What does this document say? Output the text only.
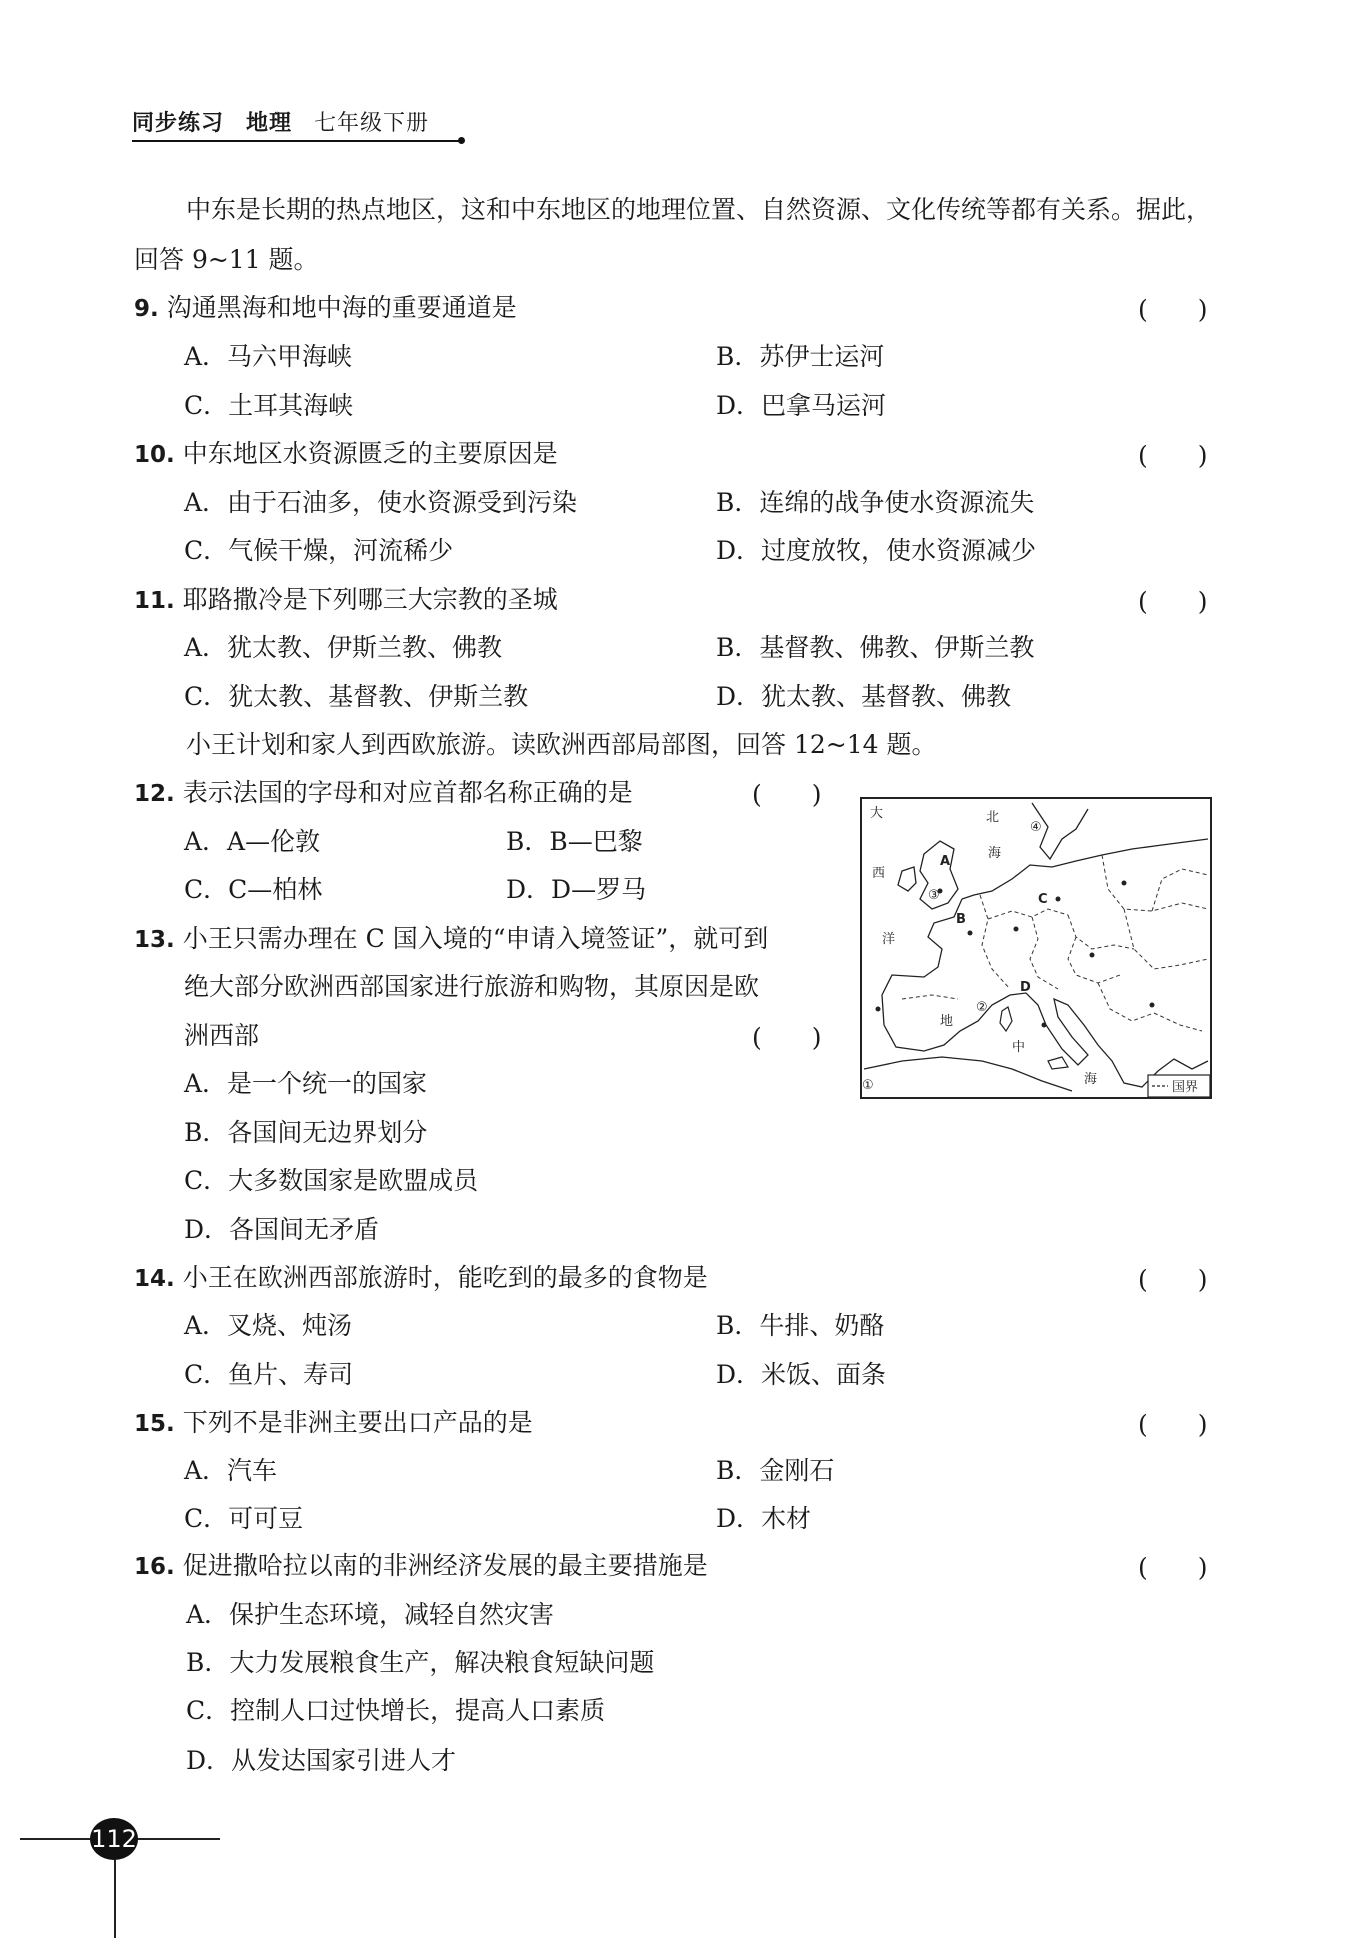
同步练习 地理 七年级下册
中东是长期的热点地区，这和中东地区的地理位置、自然资源、文化传统等都有关系。据此，
回答 9~11 题。
9. 沟通黑海和地中海的重要通道是	(　　)
A．马六甲海峡	B．苏伊士运河
C．土耳其海峡	D．巴拿马运河
10. 中东地区水资源匮乏的主要原因是	(　　)
A．由于石油多，使水资源受到污染	B．连绵的战争使水资源流失
C．气候干燥，河流稀少	D．过度放牧，使水资源减少
11. 耶路撒冷是下列哪三大宗教的圣城	(　　)
A．犹太教、伊斯兰教、佛教	B．基督教、佛教、伊斯兰教
C．犹太教、基督教、伊斯兰教	D．犹太教、基督教、佛教
小王计划和家人到西欧旅游。读欧洲西部局部图，回答 12~14 题。
12. 表示法国的字母和对应首都名称正确的是	(　　)
A．A—伦敦	B．B—巴黎
C．C—柏林	D．D—罗马
13. 小王只需办理在 C 国入境的“申请入境签证”，就可到
绝大部分欧洲西部国家进行旅游和购物，其原因是欧
洲西部	(　　)
A．是一个统一的国家
B．各国间无边界划分
C．大多数国家是欧盟成员
D．各国间无矛盾
大
西
洋
北
海
地
中
海
A
B
C
D
①
②
③
④
国界
14. 小王在欧洲西部旅游时，能吃到的最多的食物是	(　　)
A．叉烧、炖汤	B．牛排、奶酪
C．鱼片、寿司	D．米饭、面条
15. 下列不是非洲主要出口产品的是	(　　)
A．汽车	B．金刚石
C．可可豆	D．木材
16. 促进撒哈拉以南的非洲经济发展的最主要措施是	(　　)
A．保护生态环境，减轻自然灾害
B．大力发展粮食生产，解决粮食短缺问题
C．控制人口过快增长，提高人口素质
D．从发达国家引进人才
112
